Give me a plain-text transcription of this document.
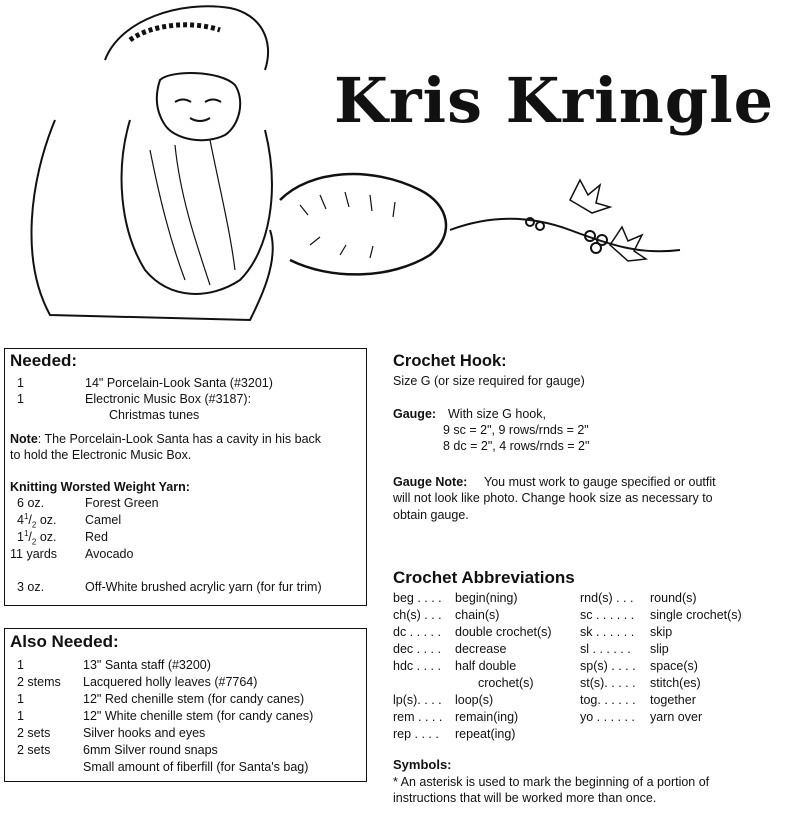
Kris Kringle
Needed:
1	14" Porcelain-Look Santa (#3201)
1	Electronic Music Box (#3187):
Christmas tunes
Note: The Porcelain-Look Santa has a cavity in his back
to hold the Electronic Music Box.
Knitting Worsted Weight Yarn:
6 oz.	Forest Green
$4^1/_2$ oz. Camel
$1^1/_2$ oz. Red
11 yards Avocado
3 oz.	Off-White brushed acrylic yarn (for fur trim)
Also Needed:
1	13" Santa staff (#3200)
2 stems Lacquered holly leaves (#7764)
1	12" Red chenille stem (for candy canes)
1	12" White chenille stem (for candy canes)
2 sets	Silver hooks and eyes
2 sets	6mm Silver round snaps
Small amount of fiberfill (for Santa's bag)
Crochet Hook:
Size G (or size required for gauge)
Gauge: With size G hook,
9 sc = 2", 9 rows/rnds = 2"
8 dc = 2", 4 rows/rnds = 2"
Gauge Note: You must work to gauge specified or outfit
will not look like photo. Change hook size as necessary to
obtain gauge.
Crochet Abbreviations
beg . . . . begin(ning)
ch(s) . . . chain(s)
dc . . . . . double crochet(s)
dec . . . . decrease
hdc . . . . half double
crochet(s)
lp(s). . . . loop(s)
rem . . . . remain(ing)
rep . . . . repeat(ing)
rnd(s) . . . round(s)
sc . . . . . . single crochet(s)
sk . . . . . . skip
sl . . . . . . slip
sp(s) . . . . space(s)
st(s). . . . . stitch(es)
tog. . . . . . together
yo . . . . . . yarn over
Symbols:
* An asterisk is used to mark the beginning of a portion of
instructions that will be worked more than once.
